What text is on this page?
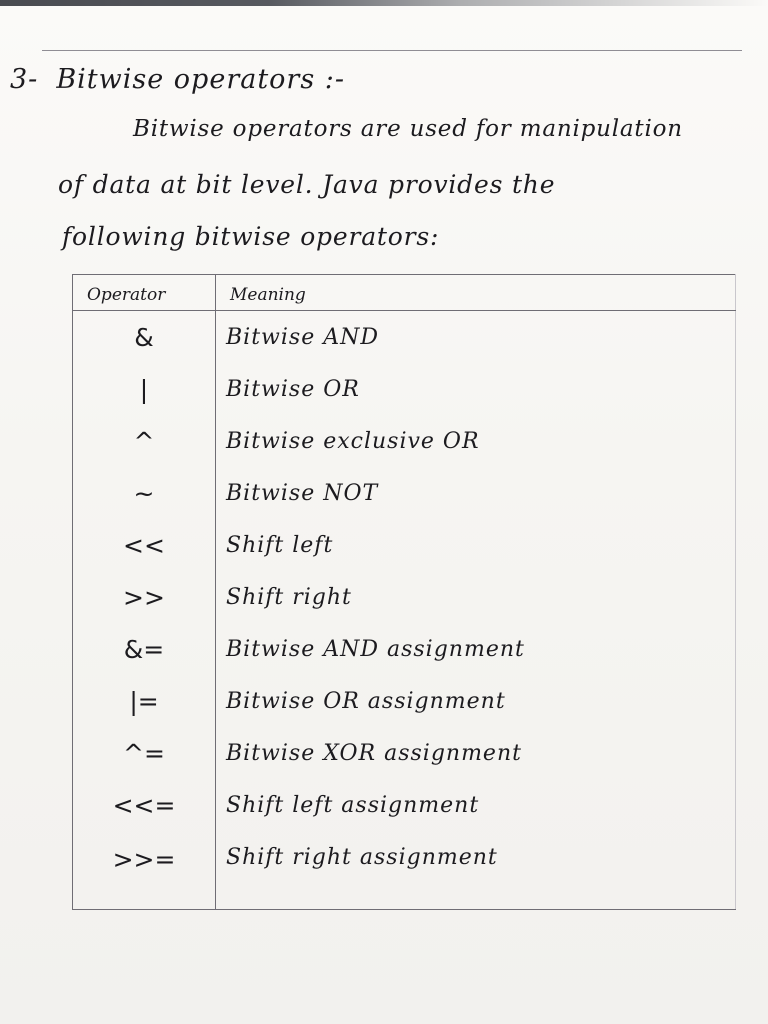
3- Bitwise operators :-
Bitwise operators are used for manipulation
of data at bit level. Java provides the
following bitwise operators:
Operator	Meaning
&	Bitwise AND
|	Bitwise OR
^	Bitwise exclusive OR
~	Bitwise NOT
<<	Shift left
>>	Shift right
&=	Bitwise AND assignment
|=	Bitwise OR assignment
^=	Bitwise XOR assignment
<<=	Shift left assignment
>>=	Shift right assignment
